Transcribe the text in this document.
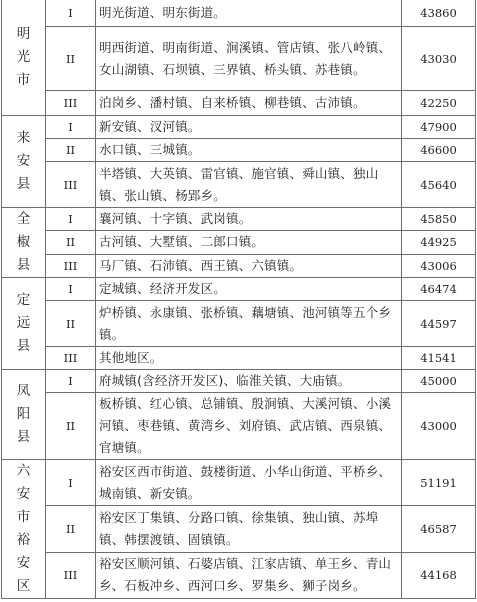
明光市	I	明光街道、明东街道。	43860
	II	明西街道、明南街道、涧溪镇、管店镇、张八岭镇、女山湖镇、石坝镇、三界镇、桥头镇、苏巷镇。	43030
	III	泊岗乡、潘村镇、自来桥镇、柳巷镇、古沛镇。	42250

来安县	I	新安镇、汊河镇。	47900
	II	水口镇、三城镇。	46600
	III	半塔镇、大英镇、雷官镇、施官镇、舜山镇、独山镇、张山镇、杨郢乡。	45640

全椒县	I	襄河镇、十字镇、武岗镇。	45850
	II	古河镇、大墅镇、二郎口镇。	44925
	III	马厂镇、石沛镇、西王镇、六镇镇。	43006

定远县	I	定城镇、经济开发区。	46474
	II	炉桥镇、永康镇、张桥镇、藕塘镇、池河镇等五个乡镇。	44597
	III	其他地区。	41541

凤阳县	I	府城镇(含经济开发区)、临淮关镇、大庙镇。	45000
	II	板桥镇、红心镇、总铺镇、殷涧镇、大溪河镇、小溪河镇、枣巷镇、黄湾乡、刘府镇、武店镇、西泉镇、官塘镇。	43000

六安市裕安区	I	裕安区西市街道、鼓楼街道、小华山街道、平桥乡、城南镇、新安镇。	51191
	II	裕安区丁集镇、分路口镇、徐集镇、独山镇、苏埠镇、韩摆渡镇、固镇镇。	46587
	III	裕安区顺河镇、石婆店镇、江家店镇、单王乡、青山乡、石板冲乡、西河口乡、罗集乡、狮子岗乡。	44168
